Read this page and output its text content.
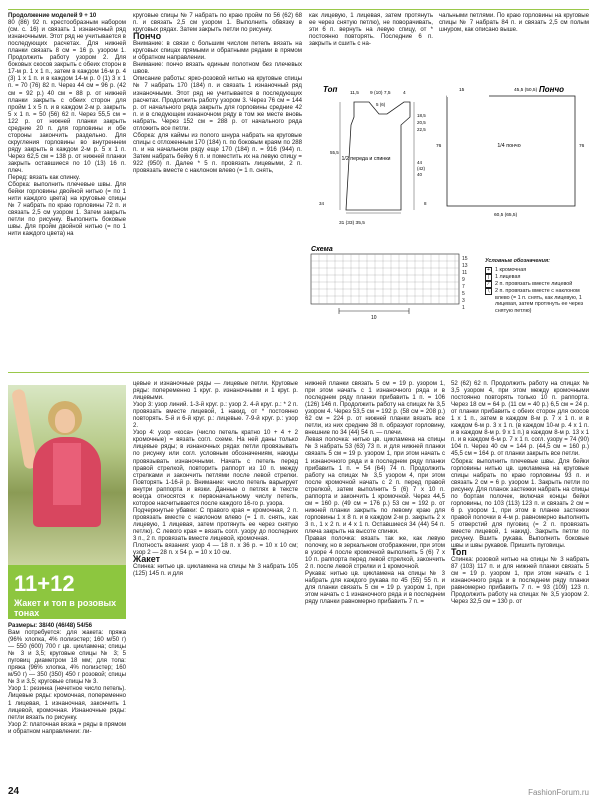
Продолжение моделей 9 + 10

80 (86) 92 п. крестообразным набором (см. с. 16) и связать 1 изнаночный ряд изнаночными. Этот ряд не учитывается в последующих расчетах. Для нижней планки связать 8 см = 16 р. узором 1. Продолжить работу узором 2. Для боковых скосов закрыть с обеих сторон в 17-м р. 1 х 1 п., затем в каждом 16-м р. 4 (3) 1 х 1 п. и в каждом 14-м р. 0 (1) 3 х 1 п. = 70 (76) 82 п. Через 44 см = 96 р. (42 см = 92 р.) 40 см = 88 р. от нижней планки закрыть с обеих сторон для пройм 1 х 5 п. и в каждом 2-м р. закрыть 5 х 1 п. = 50 (56) 62 п. Через 55,5 см = 122 р. от нижней планки закрыть средние 20 п. для горловины и обе стороны закончить раздельно. Для скругления горловины во внутреннем ряду закрыть в каждом 2-м р. 5 х 1 п. Через 62,5 см = 138 р. от нижней планки закрыть оставшиеся по 10 (13) 16 п. плеч.

Перед: вязать как спинку.

Сборка: выполнить плечевые швы. Для бейки горловины двойной нитью (= по 1 нити каждого цвета) на круговые спицы № 7 набрать по краю горловины 72 п. и связать 2,5 см узором 1. Затем закрыть петли по рисунку. Выполнить боковые швы. Для пройм двойной нитью (= по 1 нити каждого цвета) на

круговые спицы № 7 набрать по краю пройм по 56 (62) 68 п. и связать 2,5 см узором 1. Выполнить обвязку в круговых рядах. Затем закрыть петли по рисунку.

Пончо

Внимание: в связи с большим числом петель вязать на круговых спицах прямыми и обратными рядами в прямом и обратном направлении.

Внимание: пончо вязать единым полотном без плечевых швов.

Описание работы: ярко-розовой нитью на круговые спицы № 7 набрать 170 (184) п. и связать 1 изнаночный ряд изнаночными. Этот ряд не учитывается в последующих расчетах. Продолжить работу узором 3. Через 76 см = 144 р. от начального ряда закрыть для горловины средние 42 п. и в следующем изнаночном ряду в том же месте вновь набрать. Через 152 см = 288 р. от начального ряда отложить все петли.

Сборка: для каймы из полого шнура набрать на круговые спицы с отложенным 170 (184) п. по боковым краям по 288 п. и на начальном ряду еще 170 (184) п. = 916 (944) п. Затем набрать бейку 6 п. и поместить их на левую спицу = 922 (950) п. Далее * 5 п. провязать лицевыми, 2 п. провязать вместе с наклоном влево (= 1 п. снять,

как лицевую, 1 лицевая, затем протянуть ее через снятую петлю), не поворачивать, эти 6 п. вернуть на левую спицу, от * постоянно повторять. Последние 6 п. закрыть и сшить с на-

чальными петлями. По краю горловины на круговые спицы № 7 набрать 84 п. и связать 2,5 см полым шнуром, как описано выше.

Топ
1/2 переда и спинки
11,5 9 (10) 7,5	4
5 (6)
18,5
20,5
22,5
55,5
44
(42)
40
34
31 (33) 35,5
8
Пончо
1/4 пончо
15	45,5 (50,5)
76
76
60,5 (65,5)
Схема
15
13
11
9
7
5
3
1
10
Условные обозначения:
+ 1 кромочная
|	1 лицевая
∕	2 п. провязать вместе лицевой
∖ 2 п. провязать вместе с наклоном влево (= 1 п. снять, как лицевую, 1 лицевая, затем протянуть ее через снятую петлю)
11+12
Жакет и топ в розовых тонах

Размеры: 38/40 (46/48) 54/56

Вам потребуется: для жакета: пряжа (96% хлопка, 4% полиэстер; 160 м/50 г) — 550 (600) 700 г цв. цикламена; спицы № 3 и 3,5; круговые спицы № 3; 5 пуговиц диаметром 18 мм; для топа: пряжа (96% хлопка, 4% полиэстер; 160 м/50 г) — 350 (350) 450 г розовой; спицы № 3 и 3,5; круговые спицы № 3.

Узор 1: резинка (нечетное число петель). Лицевые ряды: кромочная, попеременно 1 лицевая, 1 изнаночная, закончить 1 лицевой, кромочная. Изнаночные ряды: петли вязать по рисунку.

Узор 2: платочная вязка = ряды в прямом и обратном направлении: ли-

цевые и изнаночные ряды — лицевые петли. Круговые ряды: попеременно 1 круг. р. изнаночными и 1 круг. р. лицевыми.

Узор 3: узор линий. 1-3-й круг. р.: узор 2. 4-й круг. р.: * 2 п. провязать вместе лицевой, 1 накид, от * постоянно повторять. 5-й и 6-й круг. р.: лицевые. 7-9-й круг. р.: узор 2.

Узор 4: узор «коса» (число петель кратно 10 + 4 + 2 кромочные) = вязать согл. схеме. На ней даны только лицевые ряды; в изнаночных рядах петли провязывать по рисунку или согл. условным обозначениям, накиды провязывать изнаночными. Начать с петель перед правой стрелкой, повторить раппорт из 10 п. между стрелками и закончить петлями после левой стрелки. Повторять 1-16-й р. Внимание: число петель варьирует внутри раппорта и вязки. Данные о петлях в тексте всегда относятся к первоначальному числу петель, которое насчитывается после каждого 16-го р. узора.

Подчеркнутые убавки: С правого края = кромочная, 2 п. провязать вместе с наклоном влево (= 1 п. снять, как лицевую, 1 лицевая, затем протянуть ее через снятую петлю). С левого края = вязать согл. узору до последних 3 п., 2 п. провязать вместе лицевой, кромочная.

Плотность вязания: узор 4 — 18 п. x 36 р. = 10 x 10 см; узор 2 — 28 п. x 54 р. = 10 x 10 см.

Жакет

Спинка: нитью цв. цикламена на спицы № 3 набрать 105 (125) 145 п. и для

нижней планки связать 5 см = 19 р. узором 1, при этом начать с 1 изнаночного ряда и в последнем ряду планки прибавить 1 п. = 106 (126) 146 п. Продолжить работу на спицах № 3,5 узором 4. Через 53,5 см = 192 р. (58 см = 208 р.) 62 см = 224 р. от нижней планки вязать все петли, из них средние 38 п. образуют горловину, внешние по 34 (44) 54 п. — плечи.

Левая полочка: нитью цв. цикламена на спицы № 3 набрать 53 (63) 73 п. и для нижней планки связать 5 см = 19 р. узором 1, при этом начать с 1 изнаночного ряда и в последнем ряду планки прибавить 1 п. = 54 (64) 74 п. Продолжить работу на спицах № 3,5 узором 4, при этом после кромочной начать с 2 п. перед правой стрелкой, затем выполнить 5 (6) 7 х 10 п. раппорта и закончить 1 кромочной. Через 44,5 см = 160 р. (49 см = 176 р.) 53 см = 192 р. от нижней планки закрыть по левому краю для горловины 1 х 8 п. и в каждом 2-м р. закрыть 2 х 3 п., 1 х 2 п. и 4 х 1 п. Оставшиеся 34 (44) 54 п. плеча закрыть на высоте спинки.

Правая полочка: вязать так же, как левую полочку, но в зеркальном отображении, при этом в узоре 4 после кромочной выполнить 5 (6) 7 х 10 п. раппорта перед левой стрелкой, закончить 2 п. после левой стрелки и 1 кромочной.

Рукава: нитью цв. цикламена на спицы № 3 набрать для каждого рукава по 45 (55) 55 п. и для планки связать 5 см = 19 р. узором 1, при этом начать с 1 изнаночного ряда и в последнем ряду планки равномерно прибавить 7 п. =

52 (62) 62 п. Продолжить работу на спицах № 3,5 узором 4, при этом между кромочными постоянно повторять только 10 п. раппорта. Через 18 см = 64 р. (11 см = 40 р.) 6,5 см = 24 р. от планки прибавить с обеих сторон для скосов 1 х 1 п., затем в каждом 8-м р. 7 х 1 п. и в каждом 6-м р. 3 х 1 п. (в каждом 10-м р. 4 х 1 п. и в каждом 8-м р. 9 х 1 п.) в каждом 8-м р. 13 х 1 п. и в каждом 6-м р. 7 х 1 п. согл. узору = 74 (90) 104 п. Через 40 см = 144 р. (44,5 см = 160 р.) 45,5 см = 164 р. от планки закрыть все петли.

Сборка: выполнить плечевые швы. Для бейки горловины нитью цв. цикламена на круговые спицы набрать по краю горловины 93 п. и связать 2 см = 6 р. узором 1. Закрыть петли по рисунку. Для планок застежки набрать на спицы по бортам полочек, включая концы бейки горловины, по 103 (113) 123 п. и связать 2 см = 6 р. узором 1, при этом в планке застежки правой полочки в 4-м р. равномерно выполнить 5 отверстий для пуговиц (= 2 п. провязать вместе лицевой, 1 накид). Закрыть петли по рисунку. Вшить рукава. Выполнить боковые швы и швы рукавов. Пришить пуговицы.

Топ

Спинка: розовой нитью на спицы № 3 набрать 87 (103) 117 п. и для нижней планки связать 5 см = 19 р. узором 1, при этом начать с 1 изнаночного ряда и в последнем ряду планки равномерно прибавить 7 п. = 93 (109) 123 п. Продолжить работу на спицах № 3,5 узором 2. Через 32,5 см = 130 р. от

24	FashionForum.ru
